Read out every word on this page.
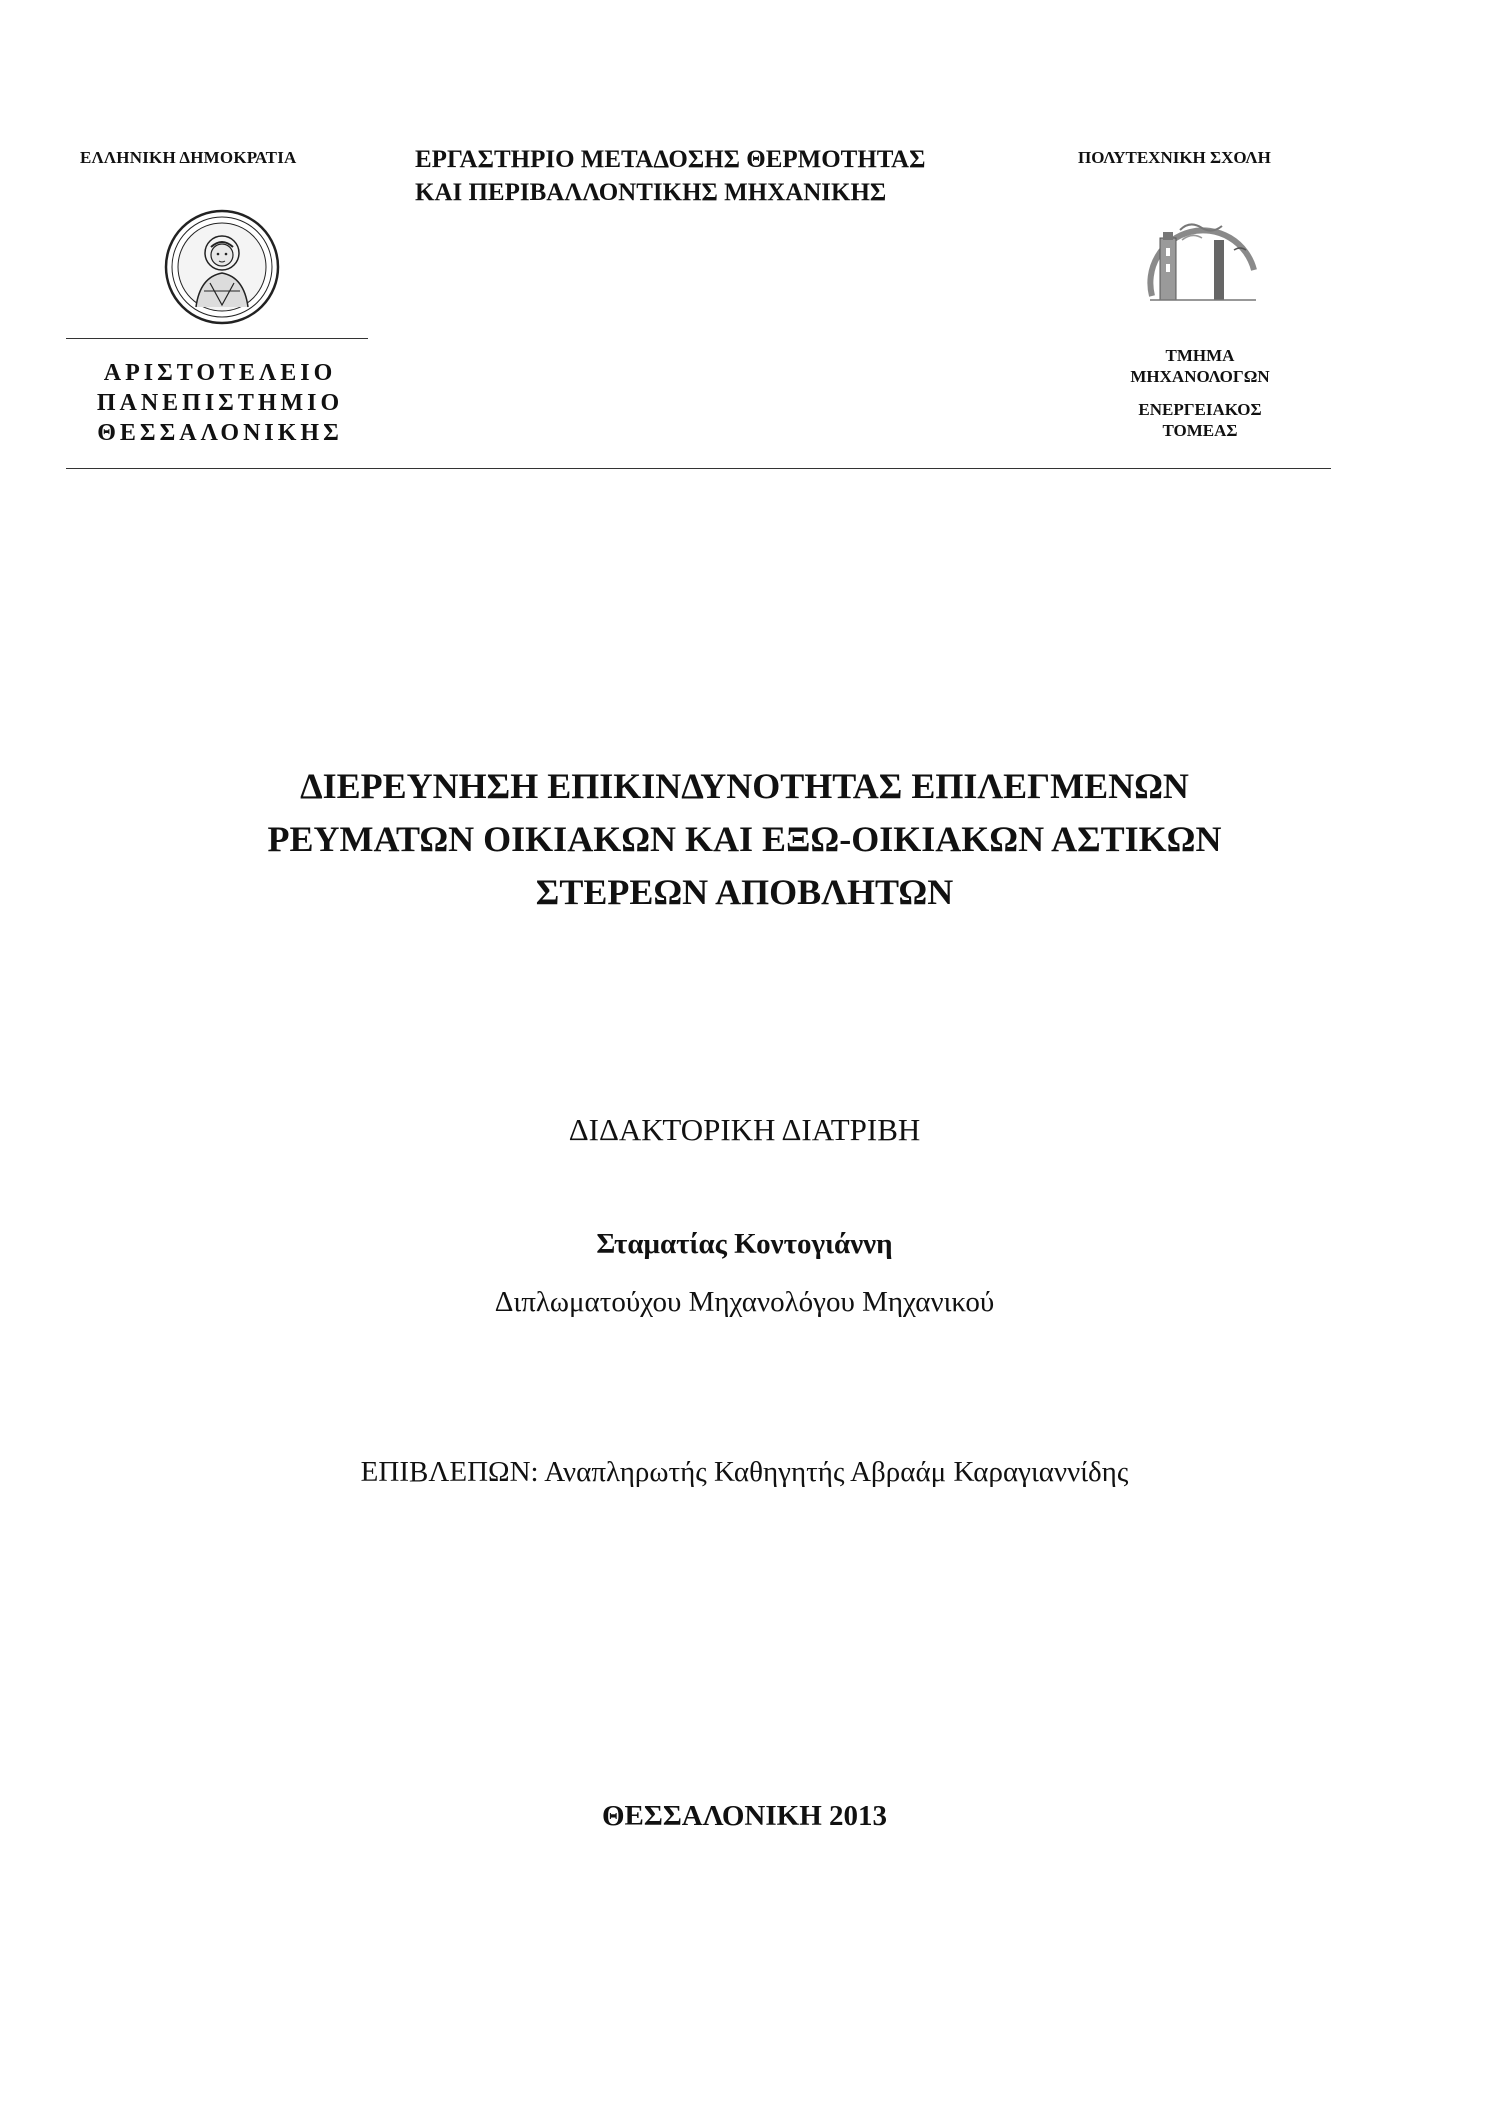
ΕΛΛΗΝΙΚΗ ΔΗΜΟΚΡΑΤΙΑ	ΕΡΓΑΣΤΗΡΙΟ ΜΕΤΑΔΟΣΗΣ ΘΕΡΜΟΤΗΤΑΣ
ΚΑΙ ΠΕΡΙΒΑΛΛΟΝΤΙΚΗΣ ΜΗΧΑΝΙΚΗΣ
ΠΟΛΥΤΕΧΝΙΚΗ ΣΧΟΛΗ
ΑΡΙΣΤΟΤΕΛΕΙΟ
ΠΑΝΕΠΙΣΤΗΜΙΟ
ΘΕΣΣΑΛΟΝΙΚΗΣ
ΤΜΗΜΑ
ΜΗΧΑΝΟΛΟΓΩΝ
ΕΝΕΡΓΕΙΑΚΟΣ
ΤΟΜΕΑΣ
ΔΙΕΡΕΥΝΗΣΗ ΕΠΙΚΙΝΔΥΝΟΤΗΤΑΣ ΕΠΙΛΕΓΜΕΝΩΝ
ΡΕΥΜΑΤΩΝ ΟΙΚΙΑΚΩΝ ΚΑΙ ΕΞΩ-ΟΙΚΙΑΚΩΝ ΑΣΤΙΚΩΝ
ΣΤΕΡΕΩΝ ΑΠΟΒΛΗΤΩΝ
ΔΙΔΑΚΤΟΡΙΚΗ ΔΙΑΤΡΙΒΗ
Σταματίας Κοντογιάννη
Διπλωματούχου Μηχανολόγου Μηχανικού
ΕΠΙΒΛΕΠΩΝ: Αναπληρωτής Καθηγητής Αβραάμ Καραγιαννίδης
ΘΕΣΣΑΛΟΝΙΚΗ 2013
